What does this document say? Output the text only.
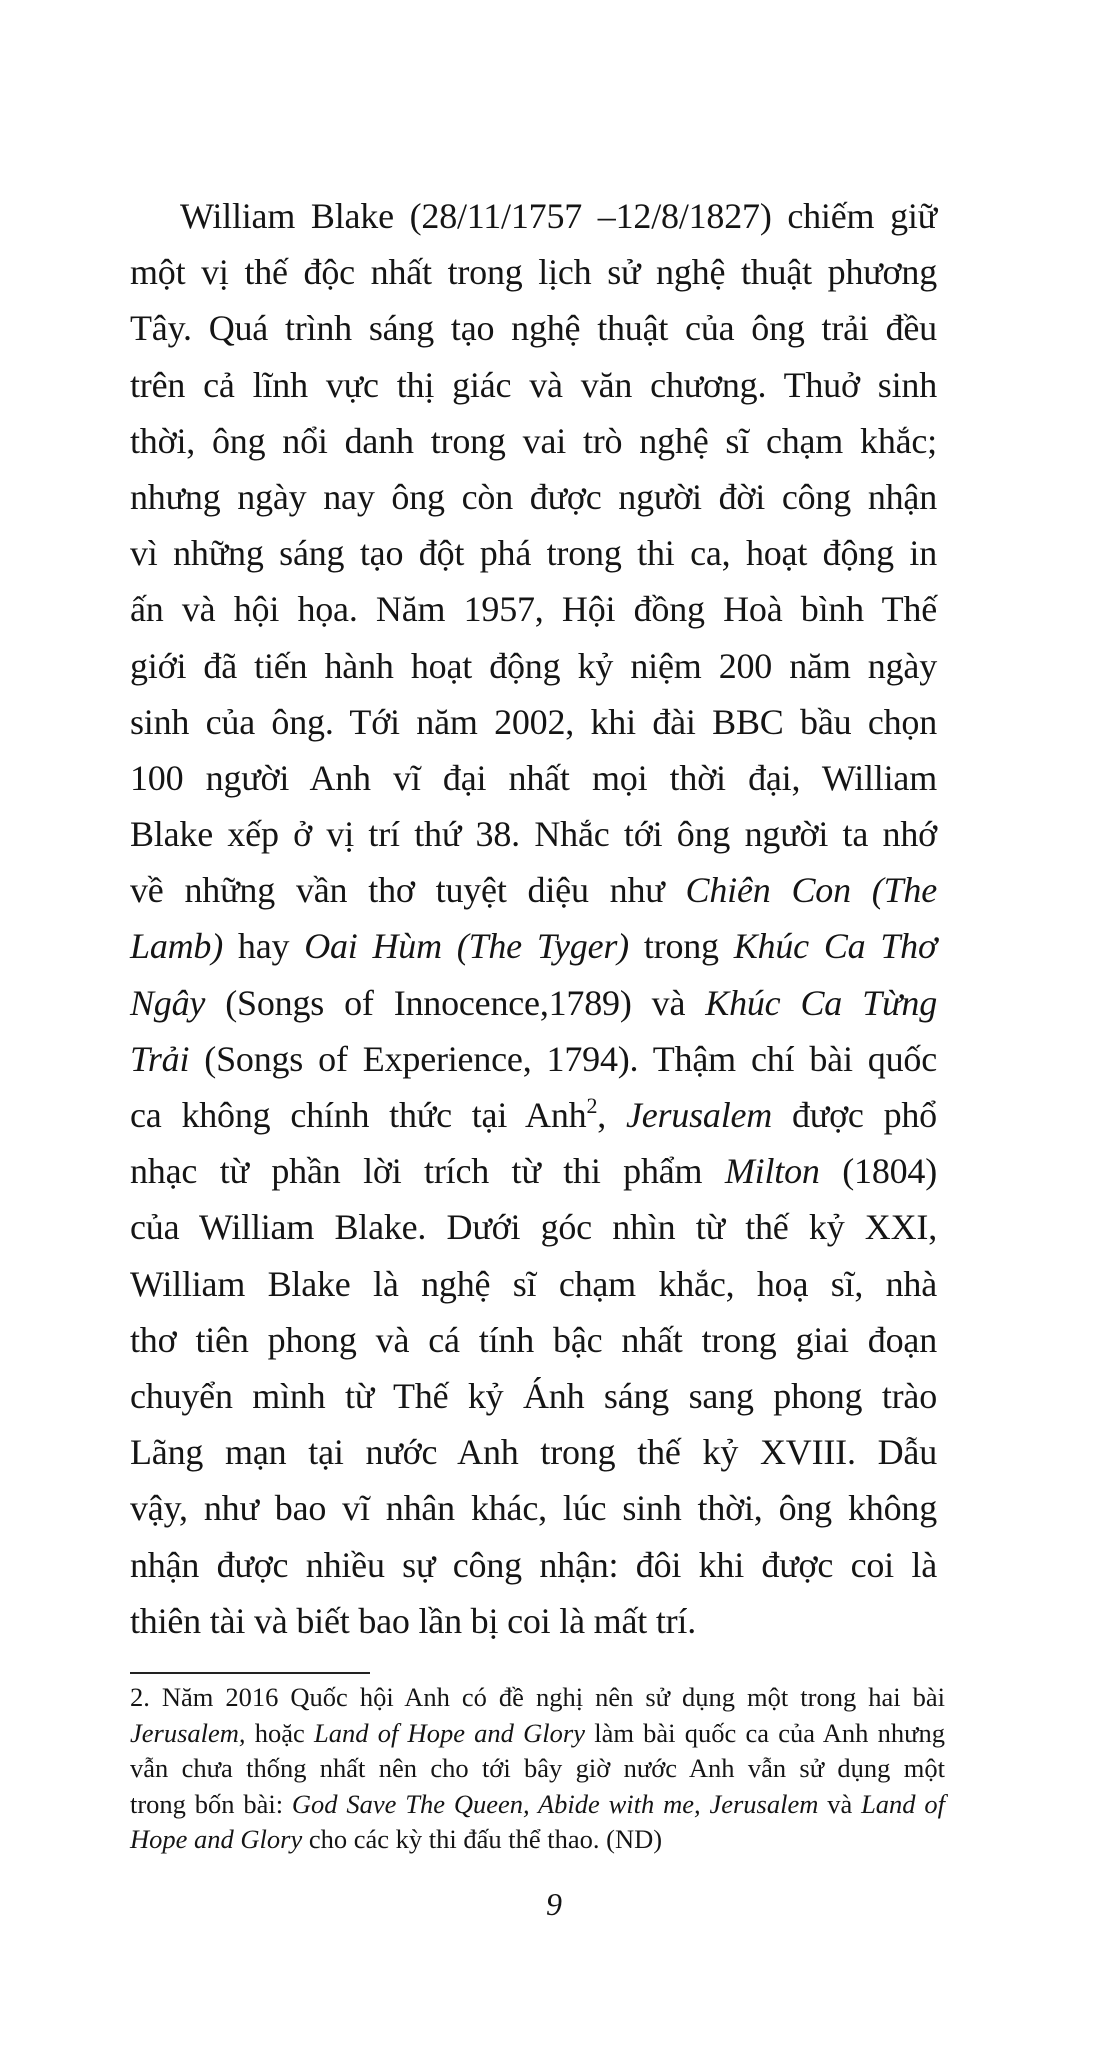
William Blake (28/11/1757 –12/8/1827) chiếm giữ
một vị thế độc nhất trong lịch sử nghệ thuật phương
Tây. Quá trình sáng tạo nghệ thuật của ông trải đều
trên cả lĩnh vực thị giác và văn chương. Thuở sinh
thời, ông nổi danh trong vai trò nghệ sĩ chạm khắc;
nhưng ngày nay ông còn được người đời công nhận
vì những sáng tạo đột phá trong thi ca, hoạt động in
ấn và hội họa. Năm 1957, Hội đồng Hoà bình Thế
giới đã tiến hành hoạt động kỷ niệm 200 năm ngày
sinh của ông. Tới năm 2002, khi đài BBC bầu chọn
100 người Anh vĩ đại nhất mọi thời đại, William
Blake xếp ở vị trí thứ 38. Nhắc tới ông người ta nhớ
về những vần thơ tuyệt diệu như Chiên Con (The
Lamb) hay Oai Hùm (The Tyger) trong Khúc Ca Thơ
Ngây (Songs of Innocence,1789) và Khúc Ca Từng
Trải (Songs of Experience, 1794). Thậm chí bài quốc
ca không chính thức tại Anh$^2$, Jerusalem được phổ
nhạc từ phần lời trích từ thi phẩm Milton (1804)
của William Blake. Dưới góc nhìn từ thế kỷ XXI,
William Blake là nghệ sĩ chạm khắc, hoạ sĩ, nhà
thơ tiên phong và cá tính bậc nhất trong giai đoạn
chuyển mình từ Thế kỷ Ánh sáng sang phong trào
Lãng mạn tại nước Anh trong thế kỷ XVIII. Dẫu
vậy, như bao vĩ nhân khác, lúc sinh thời, ông không
nhận được nhiều sự công nhận: đôi khi được coi là
thiên tài và biết bao lần bị coi là mất trí.
2. Năm 2016 Quốc hội Anh có đề nghị nên sử dụng một trong hai bài
Jerusalem, hoặc Land of Hope and Glory làm bài quốc ca của Anh nhưng
vẫn chưa thống nhất nên cho tới bây giờ nước Anh vẫn sử dụng một
trong bốn bài: God Save The Queen, Abide with me, Jerusalem và Land of
Hope and Glory cho các kỳ thi đấu thể thao. (ND)
9
